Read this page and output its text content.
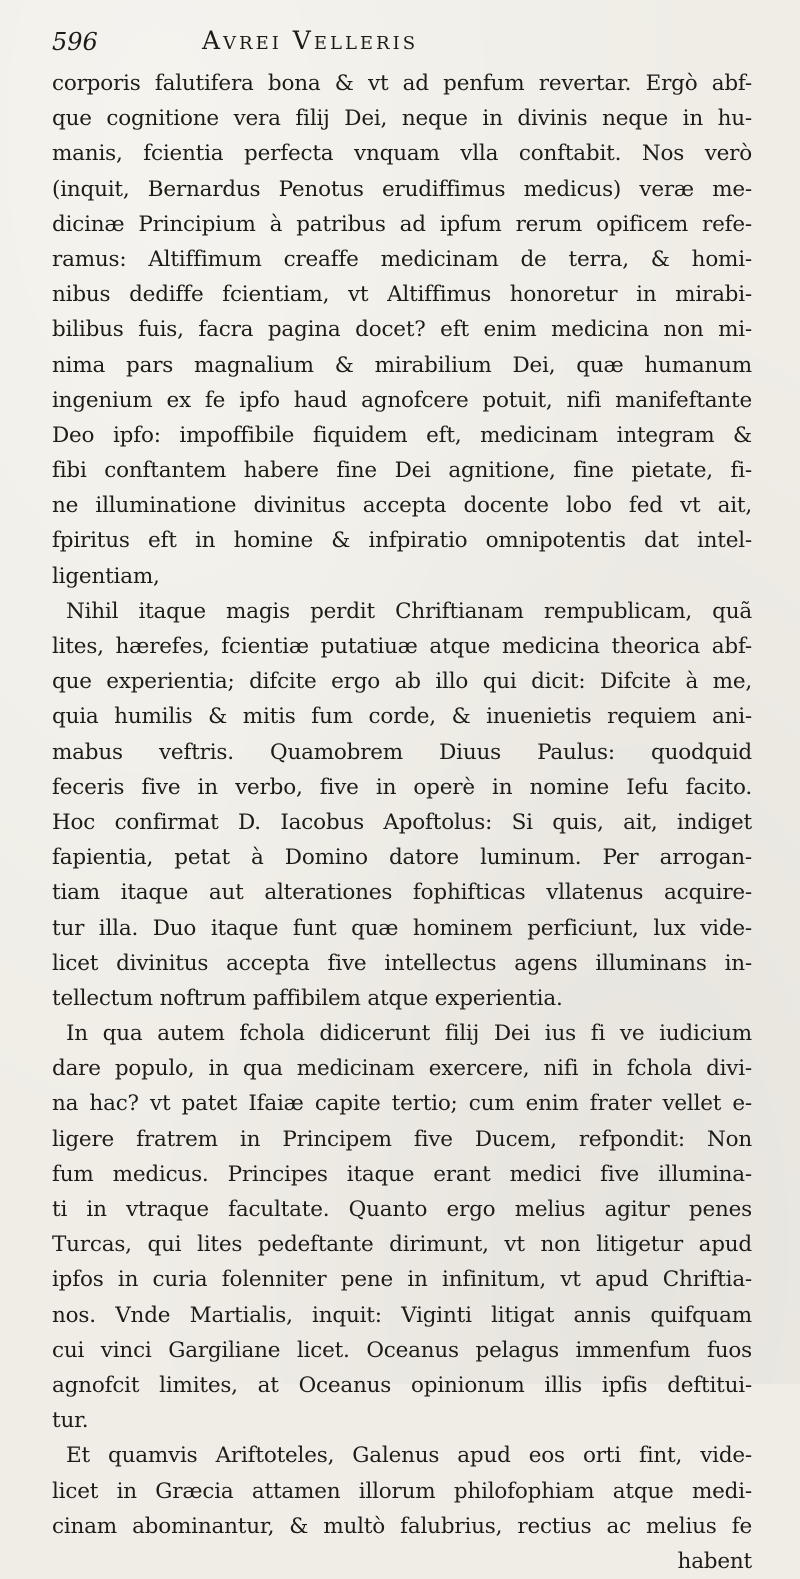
596	Avrei Velleris
corporis falutifera bona & vt ad penfum revertar. Ergò abf-
que cognitione vera filij Dei, neque in divinis neque in hu-
manis, fcientia perfecta vnquam vlla conftabit. Nos verò
(inquit, Bernardus Penotus erudiffimus medicus) veræ me-
dicinæ Principium à patribus ad ipfum rerum opificem refe-
ramus: Altiffimum creaffe medicinam de terra, & homi-
nibus dediffe fcientiam, vt Altiffimus honoretur in mirabi-
bilibus fuis, facra pagina docet? eft enim medicina non mi-
nima pars magnalium & mirabilium Dei, quæ humanum
ingenium ex fe ipfo haud agnofcere potuit, nifi manifeftante
Deo ipfo: impoffibile fiquidem eft, medicinam integram &
fibi conftantem habere fine Dei agnitione, fine pietate, fi-
ne illuminatione divinitus accepta docente lobo fed vt ait,
fpiritus eft in homine & infpiratio omnipotentis dat intel-
ligentiam,
Nihil itaque magis perdit Chriftianam rempublicam, quã
lites, hærefes, fcientiæ putatiuæ atque medicina theorica abf-
que experientia; difcite ergo ab illo qui dicit: Difcite à me,
quia humilis & mitis fum corde, & inuenietis requiem ani-
mabus veftris. Quamobrem Diuus Paulus: quodquid
feceris five in verbo, five in operè in nomine Iefu facito.
Hoc confirmat D. Iacobus Apoftolus: Si quis, ait, indiget
fapientia, petat à Domino datore luminum. Per arrogan-
tiam itaque aut alterationes fophifticas vllatenus acquire-
tur illa. Duo itaque funt quæ hominem perficiunt, lux vide-
licet divinitus accepta five intellectus agens illuminans in-
tellectum noftrum paffibilem atque experientia.
In qua autem fchola didicerunt filij Dei ius fi ve iudicium
dare populo, in qua medicinam exercere, nifi in fchola divi-
na hac? vt patet Ifaiæ capite tertio; cum enim frater vellet e-
ligere fratrem in Principem five Ducem, refpondit: Non
fum medicus. Principes itaque erant medici five illumina-
ti in vtraque facultate. Quanto ergo melius agitur penes
Turcas, qui lites pedeftante dirimunt, vt non litigetur apud
ipfos in curia folenniter pene in infinitum, vt apud Chriftia-
nos. Vnde Martialis, inquit: Viginti litigat annis quifquam
cui vinci Gargiliane licet. Oceanus pelagus immenfum fuos
agnofcit limites, at Oceanus opinionum illis ipfis deftitui-
tur.
Et quamvis Ariftoteles, Galenus apud eos orti fint, vide-
licet in Græcia attamen illorum philofophiam atque medi-
cinam abominantur, & multò falubrius, rectius ac melius fe
habent
